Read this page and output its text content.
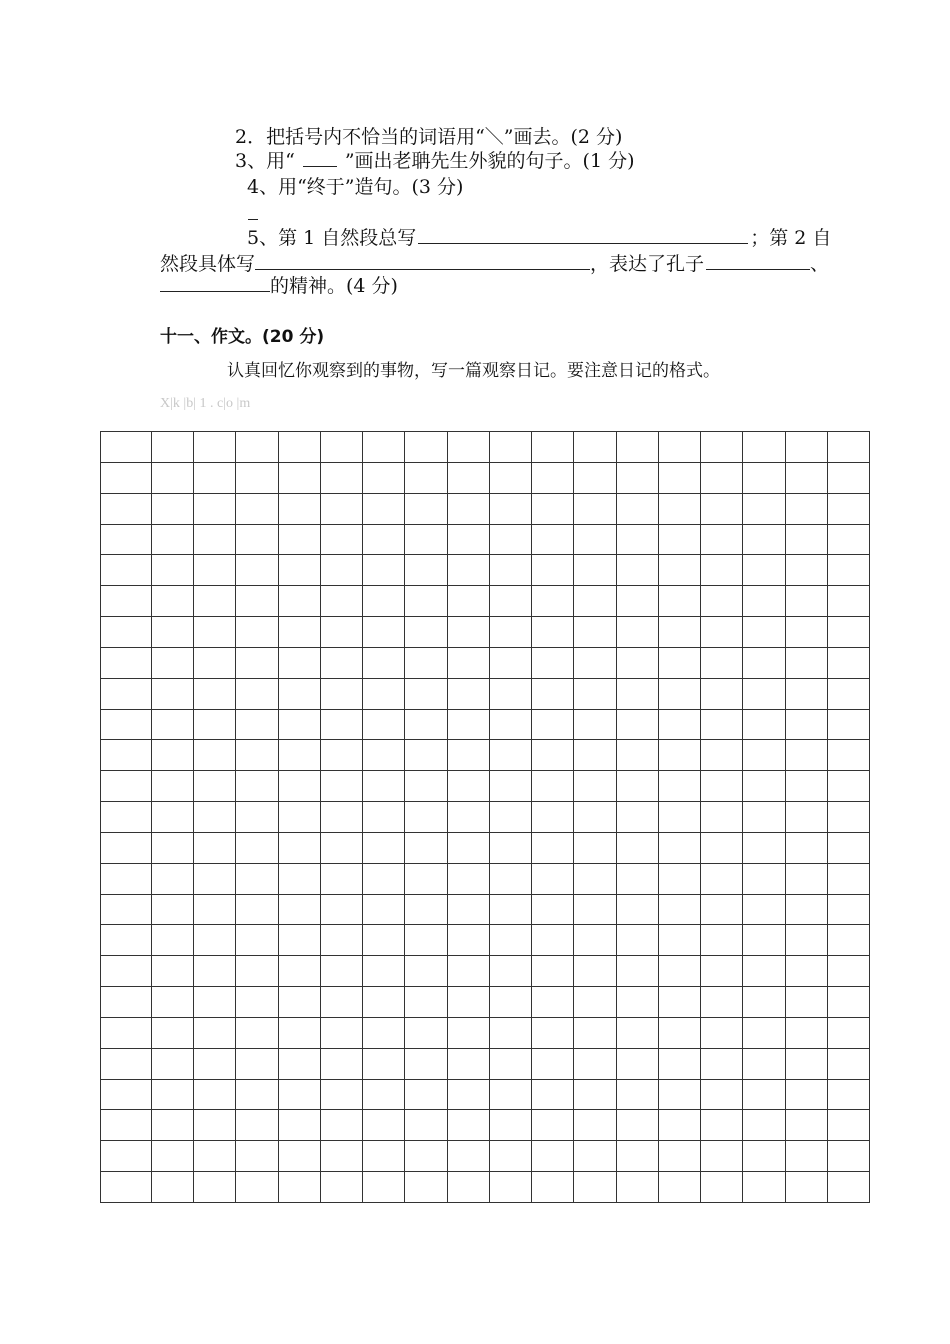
2．把括号内不恰当的词语用“＼”画去。(2 分)
3、用“	”画出老聃先生外貌的句子。(1 分)
4、用“终于”造句。(3 分)
5、第 1 自然段总写	；第 2 自
然段具体写	，表达了孔子	、
的精神。(4 分)
十一、作文。(20 分)
认真回忆你观察到的事物，写一篇观察日记。要注意日记的格式。
X|k |b| 1 . c|o |m
